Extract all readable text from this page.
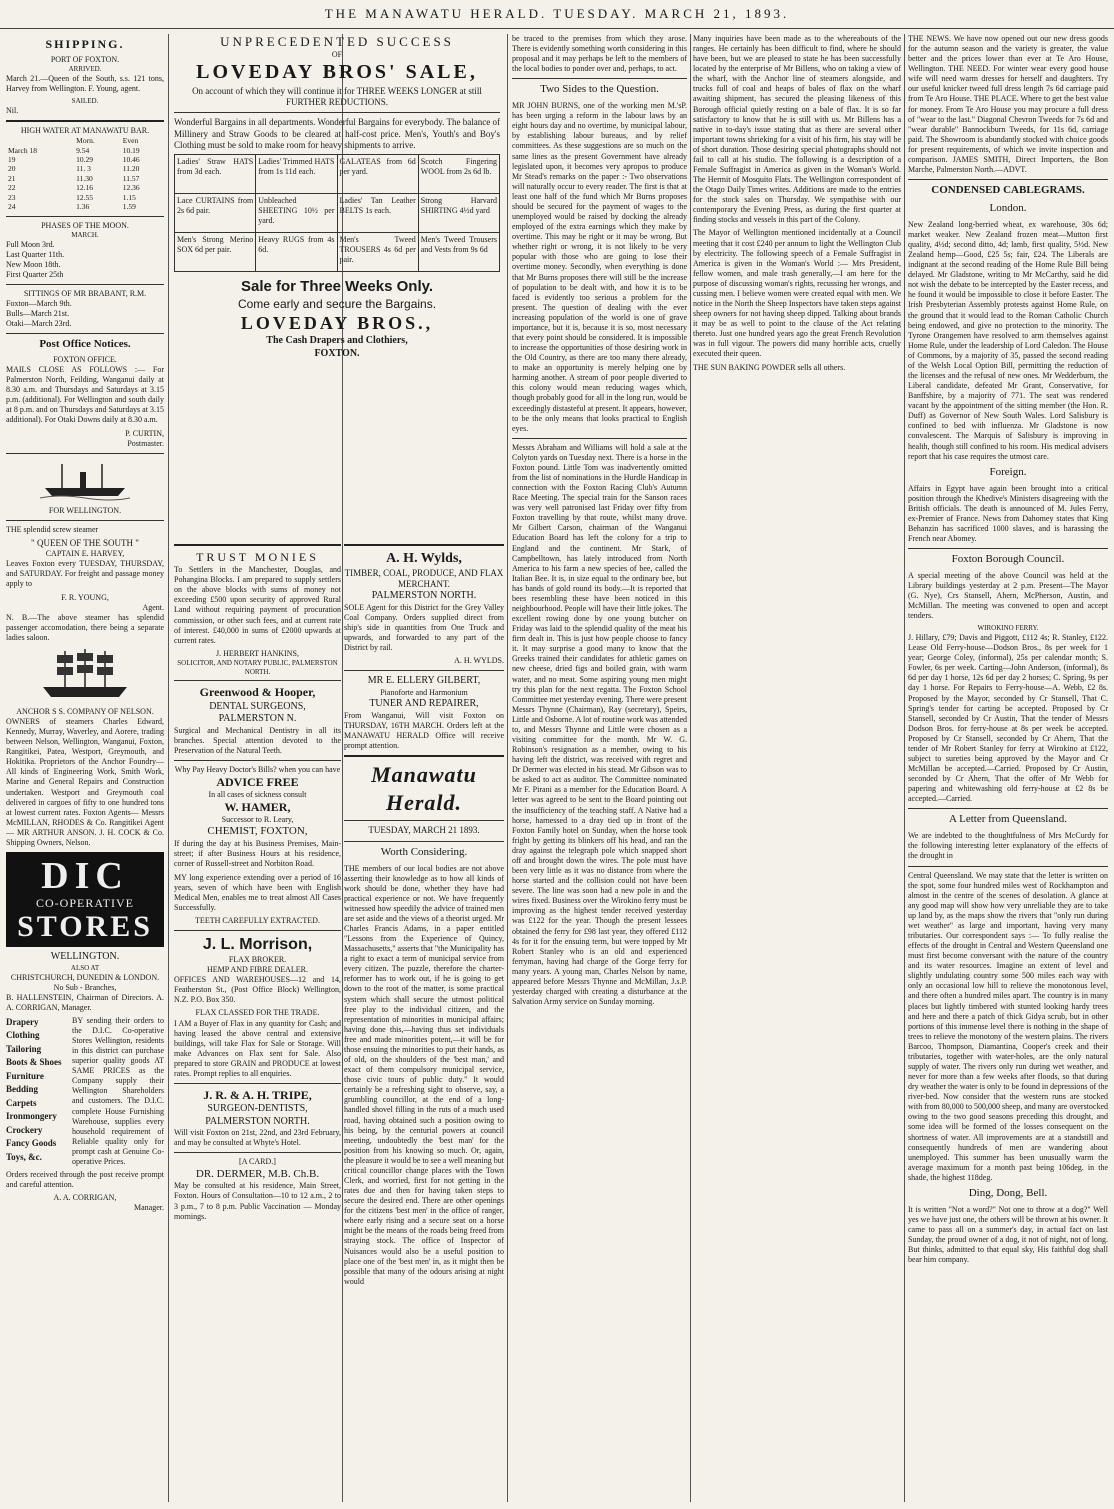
THE MANAWATU HERALD. TUESDAY. MARCH 21, 1893.
SHIPPING.
PORT OF FOXTON.
ARRIVED.

March 21.—Queen of the South, s.s. 121 tons, Harvey from Wellington. F. Young, agent.

SAILED.

Nil.

HIGH WATER AT MANAWATU BAR.
	Morn.	Even
March 18	9.54	10.19
19	10.29	10.46
20	11. 3	11.20
21	11.30	11.57
22	12.16	12.36
23	12.55	1.15
24	1.36	1.59
PHASES OF THE MOON.
MARCH.
Full Moon 3rd.
Last Quarter 11th.
New Moon 18th.
First Quarter 25th
SITTINGS OF MR BRABANT, R.M.
Foxton—March 9th.
Bulls—March 21st.
Otaki—March 23rd.
Post Office Notices.
FOXTON OFFICE.

MAILS CLOSE AS FOLLOWS :— For Palmerston North, Feilding, Wanganui daily at 8.30 a.m. and Thursdays and Saturdays at 3.15 p.m. (additional). For Wellington and south daily at 8 p.m. and on Thursdays and Saturdays at 3.15 additional). For Otaki Downs daily at 8.30 a.m.

P. CURTIN,
Postmaster.
FOR WELLINGTON.

THE splendid screw steamer

" QUEEN OF THE SOUTH "
CAPTAIN E. HARVEY,

Leaves Foxton every TUESDAY, THURSDAY, and SATURDAY. For freight and passage money apply to

F. R. YOUNG,
Agent.

N. B.—The above steamer has splendid passenger accomodation, there being a separate ladies saloon.

ANCHOR S S. COMPANY OF NELSON.

OWNERS of steamers Charles Edward, Kennedy, Murray, Waverley, and Aorere, trading between Nelson, Wellington, Wanganui, Foxton, Rangitikei, Patea, Westport, Greymouth, and Hokitika. Proprietors of the Anchor Foundry— All kinds of Engineering Work, Smith Work, Marine and General Repairs and Construction undertaken. Westport and Greymouth coal delivered in cargoes of fifty to one hundred tons at lowest current rates. Foxton Agents— Messrs McMILLAN, RHODES & Co. Rangitikei Agent— MR ARTHUR ANSON. J. H. COCK & Co. Shipping Owners, Nelson.

DIC
CO-OPERATIVE
STORES
WELLINGTON.
ALSO AT
CHRISTCHURCH, DUNEDIN & LONDON. No Sub - Branches,

B. HALLENSTEIN, Chairman of Directors. A. A. CORRIGAN, Manager.

Drapery
Clothing
Tailoring
Boots & Shoes
Furniture
Bedding
Carpets
Ironmongery
Crockery
Fancy Goods
Toys, &c.

BY sending their orders to the D.I.C. Co-operative Stores Wellington, residents in this district can purchase superior quality goods AT SAME PRICES as the Company supply their Wellington Shareholders and customers. The D.I.C. complete House Furnishing Warehouse, supplies every household requirement of Reliable quality only for prompt cash at Genuine Co-operative Prices.

Orders received through the post receive prompt and careful attention.

A. A. CORRIGAN,
Manager.
UNPRECEDENTED SUCCESS
OF
LOVEDAY BROS' SALE,

On account of which they will continue it for THREE WEEKS LONGER at still FURTHER REDUCTIONS.

Wonderful Bargains in all departments. Wonderful Bargains for everybody. The balance of Millinery and Straw Goods to be cleared at half-cost price. Men's, Youth's and Boy's Clothing must be sold to make room for heavy shipments to arrive.

Ladies' Straw HATS from 3d each.
Ladies' Trimmed HATS from 1s 11d each.
GALATEAS from 6d per yard.
Scotch Fingering WOOL from 2s 6d lb.
Lace CURTAINS from 2s 6d pair.
Unbleached SHEETING 10½ per yard.
Ladies' Tan Leather BELTS 1s each.
Strong Harvard SHIRTING 4½d yard
Men's Strong Merino SOX 6d per pair.
Heavy RUGS from 4s 6d.
Men's Tweed TROUSERS 4s 6d per pair.
Men's Tweed Trousers and Vests from 9s 6d
Sale for Three Weeks Only.
Come early and secure the Bargains.
LOVEDAY BROS.,
The Cash Drapers and Clothiers,
FOXTON.
TRUST MONIES

To Settlers in the Manchester, Douglas, and Pohangina Blocks. I am prepared to supply settlers on the above blocks with sums of money not exceeding £500 upon security of approved Rural Land without requiring payment of procuration commission, or other such fees, and at current rate of interest. £40,000 in sums of £2000 upwards at current rates.

J. HERBERT HANKINS,
SOLICITOR, AND NOTARY PUBLIC, PALMERSTON NORTH.
Greenwood & Hooper,
DENTAL SURGEONS,
PALMERSTON N.

Surgical and Mechanical Dentistry in all its branches. Special attention devoted to the Preservation of the Natural Teeth.

Why Pay Heavy Doctor's Bills? when you can have
ADVICE FREE
In all cases of sickness consult
W. HAMER,
Successor to R. Leary,
CHEMIST, FOXTON,

If during the day at his Business Premises, Main-street; if after Business Hours at his residence, corner of Russell-street and Norbiton Road.

MY long experience extending over a period of 16 years, seven of which have been with English Medical Men, enables me to treat almost All Cases Successfully.

TEETH CAREFULLY EXTRACTED.
J. L. Morrison,
FLAX BROKER.
HEMP AND FIBRE DEALER.

OFFICES AND WAREHOUSES—12 and 14, Featherston St., (Post Office Block) Wellington, N.Z. P.O. Box 350.

FLAX CLASSED FOR THE TRADE.

I AM a Buyer of Flax in any quantity for Cash; and having leased the above central and extensive buildings, will take Flax for Sale or Storage. Will make Advances on Flax sent for Sale. Also prepared to store GRAIN and PRODUCE at lowest rates. Prompt replies to all enquiries.

J. R. & A. H. TRIPE,
SURGEON-DENTISTS,
PALMERSTON NORTH.

Will visit Foxton on 21st, 22nd, and 23rd February, and may be consulted at Whyte's Hotel.

[A CARD.]
DR. DERMER, M.B. Ch.B.

May be consulted at his residence, Main Street, Foxton. Hours of Consultation—10 to 12 a.m., 2 to 3 p.m., 7 to 8 p.m. Public Vaccination — Monday mornings.

A. H. Wylds,
TIMBER, COAL, PRODUCE, AND FLAX MERCHANT.
PALMERSTON NORTH.

SOLE Agent for this District for the Grey Valley Coal Company. Orders supplied direct from ship's side in quantities from One Truck and upwards, and forwarded to any part of the District by rail.

A. H. WYLDS.
MR E. ELLERY GILBERT,
Pianoforte and Harmonium
TUNER AND REPAIRER,

From Wanganui, Will visit Foxton on THURSDAY, 16TH MARCH. Orders left at the MANAWATU HERALD Office will receive prompt attention.

Manawatu Herald.
TUESDAY, MARCH 21 1893.
Worth Considering.

THE members of our local bodies are not above asserting their knowledge as to how all kinds of work should be done, whether they have had practical experience or not. We have frequently witnessed how speedily the advice of trained men are set aside and the views of a theorist urged. Mr Charles Francis Adams, in a paper entitled "Lessons from the Experience of Quincy, Massachusetts," asserts that "the Municipality has a right to exact a term of municipal service from every citizen. The puzzle, therefore the charter-reformer has to work out, if he is going to get down to the root of the matter, is some practical system which shall secure the utmost political free play to the individual citizen, and the representation of minorities in municipal affairs; having done this,—having thus set individuals free and made minorities potent,—it will be for those ensuing the minorities to put their hands, as of old, on the shoulders of the 'best man,' and exact of them compulsory municipal service, those civic tours of public duty." It would certainly be a refreshing sight to observe, say, a grumbling councillor, at the end of a long-handled shovel filling in the ruts of a much used road, having obtained such a position owing to his being, by the centurial powers at council meeting, undoubtedly the 'best man' for the position from his knowing so much. Or, again, the pleasure it would be to see a well meaning but critical councillor change places with the Town Clerk, and worried, first for not getting in the rates due and then for having taken steps to secure the desired end. There are other openings for the citizens 'best men' in the office of ranger, where early rising and a secure seat on a horse might be the means of the roads being freed from straying stock. The office of Inspector of Nuisances would also be a useful position to place one of the 'best men' in, as it might then be possible that many of the odours arising at night would

be traced to the premises from which they arose. There is evidently something worth considering in this proposal and it may perhaps be left to the members of the local bodies to ponder over and, perhaps, to act.

Two Sides to the Question.

MR JOHN BURNS, one of the working men M.'sP. has been urging a reform in the labour laws by an eight hours day and no overtime, by municipal labour, by establishing labour bureaus, and by relief committees. As these suggestions are so much on the same lines as the present Government have already legislated upon, it becomes very apropos to produce Mr Stead's remarks on the paper :- Two observations will naturally occur to every reader. The first is that at least one half of the fund which Mr Burns proposes should be secured for the payment of wages to the unemployed would be raised by docking the already employed of the extra earnings which they make by overtime. This may be right or it may be wrong. But whether right or wrong, it is not likely to be very popular with those who are going to lose their overtime money. Secondly, when everything is done that Mr Burns proposes there will still be the increase of population to be dealt with, and how it is to be faced is evidently too serious a problem for the present. The question of dealing with the ever increasing population of the world is one of grave importance, but it is, because it is so, most necessary that every point should be considered. It is impossible to increase the opportunities of those desiring work in the Old Country, as there are too many there already, to make an opportunity is merely helping one by harming another. A stream of poor people diverted to this colony would mean reducing wages which, though probably good for all in the long run, would be exceedingly distasteful at present. It appears, however, to be the only means that looks practical to English eyes.

Messrs Abraham and Williams will hold a sale at the Colyton yards on Tuesday next. There is a horse in the Foxton pound. Little Tom was inadvertently omitted from the list of nominations in the Hurdle Handicap in connection with the Foxton Racing Club's Autumn Race Meeting. The special train for the Sanson races was very well patronised last Friday over fifty from Foxton travelling by that route, whilst many drove. Mr Gilbert Carson, chairman of the Wanganui Education Board has left the colony for a trip to England and the continent. Mr Stark, of Campbelltown, has lately introduced from North America to his farm a new species of bee, called the Italian Bee. It is, in size equal to the ordinary bee, but has bands of gold round its body.—It is reported that bees resembling these have been noticed in this neighbourhood. People will have their little jokes. The excellent rowing done by one young butcher on Friday was laid to the splendid quality of the meat his firm dealt in. This is just how people choose to fancy it. It may surprise a good many to know that the Greeks trained their candidates for athletic games on new cheese, dried figs and boiled grain, with warm water, and no meat. Some aspiring young men might try this plan for the next regatta. The Foxton School Committee met yesterday evening. There were present Messrs Thynne (Chairman), Ray (secretary), Speirs, Little and Osborne. A lot of routine work was attended to, and Messrs Thynne and Little were chosen as a visiting committee for the month. Mr W. G. Robinson's resignation as a member, owing to his having left the district, was received with regret and Dr Dermer was elected in his stead. Mr Gibson was to be asked to act as auditor. The Committee nominated Mr F. Pirani as a member for the Education Board. A letter was agreed to be sent to the Board pointing out the insufficiency of the teaching staff. A Native had a horse, harnessed to a dray tied up in front of the Foxton Family hotel on Sunday, when the horse took fright by getting its blinkers off his head, and ran the dray against the telegraph pole which snapped short off and brought down the wires. The pole must have been very little as it was no distance from where the horse started and the collision could not have been severe. The line was soon had a new pole in and the wires fixed. Business over the Wirokino ferry must be improving as the highest tender received yesterday was £122 for the year. Though the present lessees obtained the ferry for £98 last year, they offered £112 4s for it for the ensuing term, but were topped by Mr Robert Stanley who is an old and experienced ferryman, having had charge of the Gorge ferry for many years. A young man, Charles Nelson by name, appeared before Messrs Thynne and McMillan, J.s.P. yesterday charged with creating a disturbance at the Salvation Army service on Sunday morning.

Many inquiries have been made as to the whereabouts of the ranges. He certainly has been difficult to find, where he should have been, but we are pleased to state he has been successfully located by the enterprise of Mr Billens, who on taking a view of the wharf, with the Anchor line of steamers alongside, and trucks full of coal and heaps of bales of flax on the wharf awaiting shipment, has secured the pleasing likeness of this Borough official quietly resting on a bale of flax. It is so far satisfactory to know that he is still with us. Mr Billens has a native in to-day's issue stating that as there are several other important towns shrieking for a visit of his firm, his stay will be of short duration. Those desiring special photographs should not fail to call at his studio. The following is a description of a Female Suffragist in America as given in the Woman's World. The Hermit of Mosquito Flats. The Wellington correspondent of the Otago Daily Times writes. Additions are made to the entries for the stock sales on Thursday. We sympathise with our contemporary the Evening Press, as during the first quarter at finding stocks and vessels in this part of the Colony.

The Mayor of Wellington mentioned incidentally at a Council meeting that it cost £240 per annum to light the Wellington Club by electricity. The following speech of a Female Suffragist in America is given in the Woman's World :— Mrs President, fellow women, and male trash generally,—I am here for the purpose of discussing woman's rights, recussing her wrongs, and cussing men. I believe women were created equal with men. We notice in the North the Sheep Inspectors have taken steps against sheep owners for not having sheep dipped. Talking about brands it may be as well to point to the clause of the Act relating thereto. Just one hundred years ago the great French Revolution was in full vigour. The powers did many horrible acts, cruelly executed their queen.

THE SUN BAKING POWDER sells all others.

THE NEWS. We have now opened out our new dress goods for the autumn season and the variety is greater, the value better and the prices lower than ever at Te Aro House, Wellington. THE NEED. For winter wear every good house wife will need warm dresses for herself and daughters. Try our useful knicker tweed full dress length 7s 6d carriage paid from Te Aro House. THE PLACE. Where to get the best value for money. From Te Aro House you may procure a full dress of "wear to the last." Diagonal Chevron Tweeds for 7s 6d and "wear durable" Bannockburn Tweeds, for 11s 6d, carriage paid. The Showroom is abundantly stocked with choice goods for present requirements, of which we invite inspection and comparison. JAMES SMITH, Direct Importers, the Bon Marche, Palmerston North.—ADVT.

CONDENSED CABLEGRAMS.
London.

New Zealand long-berried wheat, ex warehouse, 30s 6d; market weaker. New Zealand frozen meat—Mutton first quality, 4½d; second ditto, 4d; lamb, first quality, 5½d. New Zealand hemp—Good, £25 5s; fair, £24. The Liberals are indignant at the second reading of the Home Rule Bill being delayed. Mr Gladstone, writing to Mr McCarthy, said he did not wish the debate to be intercepted by the Easter recess, and he found it would be impossible to close it before Easter. The Irish Presbyterian Assembly protests against Home Rule, on the ground that it would lead to the Roman Catholic Church being endowed, and give no protection to the minority. The Tyrone Orangemen have resolved to arm themselves against Home Rule, under the leadership of Lord Caledon. The House of Commons, by a majority of 35, passed the second reading of the Welsh Local Option Bill, permitting the reduction of the licenses and the refusal of new ones. Mr Wedderburn, the Liberal candidate, defeated Mr Grant, Conservative, for Banffshire, by a majority of 771. The seat was rendered vacant by the appointment of the sitting member (the Hon. R. Duff) as Governor of New South Wales. Lord Salisbury is confined to bed with influenza. Mr Gladstone is now convalescent. The Marquis of Salisbury is improving in health, though still confined to his room. His medical advisers report that his case requires the utmost care.

Foreign.

Affairs in Egypt have again been brought into a critical position through the Khedive's Ministers disagreeing with the British officials. The death is announced of M. Jules Ferry, ex-Premier of France. News from Dahomey states that King Behanzin has sacrificed 1000 slaves, and is harassing the French near Abomey.

Foxton Borough Council.

A special meeting of the above Council was held at the Library buildings yesterday at 2 p.m. Present—The Mayor (G. Nye), Crs Stansell, Ahern, McPherson, Austin, and McMillan. The meeting was convened to open and accept tenders.

WIROKINO FERRY.

J. Hillary, £79; Davis and Piggott, £112 4s; R. Stanley, £122. Lease Old Ferry-house—Dodson Bros., 8s per week for 1 year; George Coley, (informal), 25s per calendar month; S. Fowler, 6s per week. Carting—John Anderson, (informal), 8s 6d per day 1 horse, 12s 6d per day 2 horses; C. Spring, 9s per day 1 horse. For Repairs to Ferry-house—A. Webb, £2 8s. Proposed by the Mayor, seconded by Cr Stansell, That C. Spring's tender for carting be accepted. Proposed by Cr Stansell, seconded by Cr Austin, That the tender of Messrs Dodson Bros. for ferry-house at 8s per week be accepted. Proposed by Cr Stansell, seconded by Cr Ahern, That the tender of Mr Robert Stanley for ferry at Wirokino at £122, subject to sureties being approved by the Mayor and Cr McMillan be accepted.—Carried. Proposed by Cr Austin, seconded by Cr Ahern, That the offer of Mr Webb for papering and whitewashing old ferry-house at £2 8s be accepted.—Carried.

A Letter from Queensland.

We are indebted to the thoughtfulness of Mrs McCurdy for the following interesting letter explanatory of the effects of the drought in

Central Queensland. We may state that the letter is written on the spot, some four hundred miles west of Rockhampton and almost in the centre of the scenes of desolation. A glance at any good map will show how very unreliable they are to take up land by, as the maps show the rivers that "only run during wet weather" as large and important, having very many tributaries. Our correspondent says :— To fully realise the effects of the drought in Central and Western Queensland one must first become conversant with the nature of the country and its water resources. Imagine an extent of level and slightly undulating country some 500 miles each way with only an occasional low hill to relieve the monotonous level, and there often a hundred miles apart. The country is in many places but lightly timbered with stunted looking hardy trees and here and there a patch of thick Gidya scrub, but in other portions of this immense level there is nothing in the shape of trees to relieve the monotony of the western plains. The rivers Barcoo, Thompson, Diamantina, Cooper's creek and their tributaries, together with water-holes, are the only natural supply of water. The rivers only run during wet weather, and never for more than a few weeks after floods, so that during dry weather the water is only to be found in depressions of the river-bed. Now consider that the western runs are stocked with from 80,000 to 500,000 sheep, and many are overstocked owing to the two good seasons preceding this drought, and some idea will be formed of the losses consequent on the shortness of water. All improvements are at a standstill and consequently hundreds of men are wandering about unemployed. This summer has been unusually warm the average maximum for a month past being 106deg. in the shade, the highest 118deg.

Ding, Dong, Bell.

It is written "Not a word?" Not one to throw at a dog?" Well yes we have just one, the others will be thrown at his owner. It came to pass all on a summer's day, in actual fact on last Sunday, the proud owner of a dog, it not of night, not of long. But thinks, admitted to that equal sky, His faithful dog shall bear him company.
